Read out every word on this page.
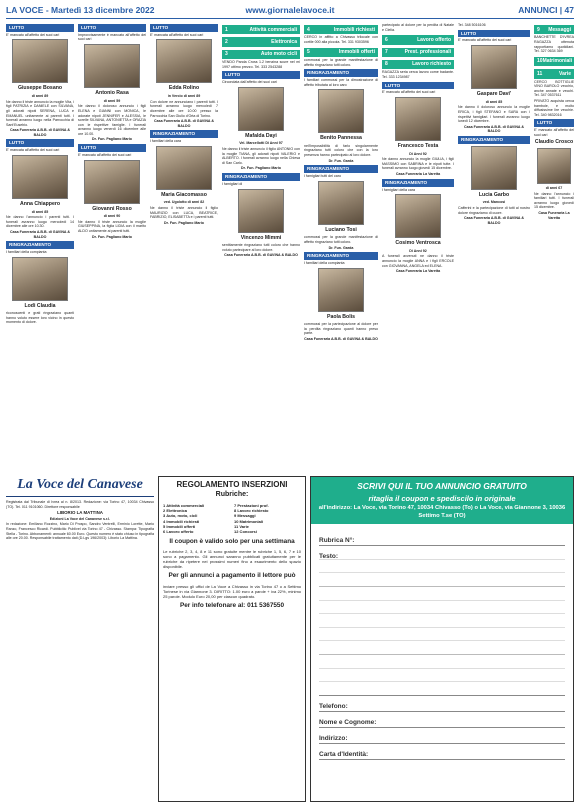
LA VOCE - Martedì 13 dicembre 2022	www.giornalelavoce.it	ANNUNCI | 47
LUTTO
E' mancato all'affetto dei suoi cari
Giuseppe Bosano
di anni 89
Ne danno il triste annuncio la moglie Vita, i figli PATRIZIA e DANIELE con SILVANA, gli adorati nipoti SERENA, LUCA e EMANUEL unitamente ai parenti tutti. I funerali avranno luogo nella Parrocchia di Sant'Eusebio.
Casa Funeraria A.B.B. di GAVINA & BALDO
LUTTO
E' mancata all'affetto dei suoi cari
Anna Chiappero
di anni 85
Ne danno l'annuncio i parenti tutti. I funerali avranno luogo mercoledì 14 dicembre alle ore 10.30.
Casa Funeraria A.B.B. di GAVINA & BALDO
RINGRAZIAMENTO
I familiari della compianta
Lodi Claudia
riconoscenti e grati ringraziano quanti hanno voluto essere loro vicino in questo momento di dolore.
LUTTO
Improvvisamente è mancato all'affetto dei suoi cari
Antonio Rasa
di anni 59
Ne danno il doloroso annuncio i figli ELENA e GIANNI con MONICA, le adorate nipoti JENNIFER e ALESSIA, le sorelle SILVANA, ANTONIETTA e ORAZIA con le rispettive famiglie. I funerali avranno luogo venerdì 16 dicembre alle ore 10.00.
Dr. Fun. Pagliano Mario
LUTTO
E' mancato all'affetto dei suoi cari
Giovanni Rosso
di anni 90
Ne danno il triste annuncio la moglie GIUSEPPINA, la figlia LIDIA con il marito ALDO unitamente ai parenti tutti.
Dr. Fun. Pagliano Mario
LUTTO
E' mancata all'affetto dei suoi cari
Edda Rolino
in Vercio di anni 89
Con dolore ne annunciano i parenti tutti. I funerali avranno luogo mercoledì 7 dicembre alle ore 10.00 presso la Parrocchia San Giulio d'Orta di Torino.
Casa Funeraria A.B.B. di GAVINA & BALDO
RINGRAZIAMENTO
I familiari della cara
Maria Giacomasso
ved. Ugolotto di anni 82
Ne danno il triste annuncio il figlio MAURIZIO con LUCA, BEATRICE, FABRIZIO, ELISABETTA e i parenti tutti.
Dr. Fun. Pagliano Mario
1	Attività commerciali
2	Elettronica
3	Auto moto cicli
VENDO Panda Cross 1.2 benzina scure nel mi 1997 ottimo prezzo. Tel. 333 2543288
LUTTO
Circondata dall'affetto dei suoi cari
Mafalda Dayi
Vel. Marcellotti Di Anni 97
Ne danno il triste annuncio il figlio ANTONIO con la moglie TIANA, gli adorati nipoti VALERIO e ALBERTO. I funerali avranno luogo nella Chiesa di San Carlo.
Dr. Fun. Pagliano Mario
RINGRAZIAMENTO
I famigliari di
Vincenzo Mimmi
sentitamente ringraziano tutti coloro che hanno voluto partecipare al loro dolore.
Casa Funeraria A.B.B. di GAVINA & BALDO
4	Immobili richiesti
CERCO in affitto a Chivasso trilocale con cortile 000 alla piccola. Tel. 331 9303596
5	Immobili offerti
commossi per la grande manifestazione di affetto ringraziano tutti coloro.
RINGRAZIAMENTO
I familiari commossi per la dimostrazione di affetto tributata al loro caro
Benito Pannessa
nell'impossibilità di farlo singolarmente ringraziano tutti coloro che con la loro presenza hanno partecipato al loro dolore.
Dr. Fun. Garda
RINGRAZIAMENTO
I famigliari tutti del caro
Luciano Tosi
commossi per la grande manifestazione di affetto ringraziano tutti coloro.
Dr. Fun. Garda
RINGRAZIAMENTO
I familiari della compianta
Paola Bolis
commossi per la partecipazione al dolore per la perdita ringraziano quanti hanno preso parte.
Casa Funeraria A.B.B. di GAVINA & BALDO
partecipato al dolore per la perdita di Natale e Clelia.
6	Lavoro offerto
7	Prest. professionali
8	Lavoro richiesto
RAGAZZA seria cerca lavoro come badante. Tel. 333 1234987
LUTTO
E' mancato all'affetto dei suoi cari
Francesco Testa
Di Anni 92
Ne danno annuncio la moglie GIULIA, i figli MASSIMO con SABRINA e le nipoti tutte. I funerali avranno luogo giovedì 15 dicembre.
Casa Funeraria La Varetta
RINGRAZIAMENTO
I famigliari della cara
Cosimo Ventrosca
Di Anni 92
A funerali avvenuti ne danno il triste annuncio la moglie ANNA e i figli ERCOLE con GIOVANNA, ANGELA ed ELENA.
Casa Funeraria La Varetta
Tel. 348 5016106
LUTTO
E' mancato all'affetto dei suoi cari
Gaspare Davi'
di anni 85
Ne danno il doloroso annuncio la moglie ERICA, i figli STEFANO e SARA con i rispettivi famigliari. I funerali avranno luogo lunedì 12 dicembre.
Casa Funeraria A.B.B. di GAVINA & BALDO
RINGRAZIAMENTO
Lucia Garbo
ved. Mancosi
Cafferini e la partecipazione di tutti al nostro dolore ringraziamo di cuore.
Casa Funeraria A.B.B. di GAVINA & BALDO
9 Messaggi
BANCHETTE D'IVREA RAGAZZA ottenuta rapportiamo quotidiani. Tel. 327 0634 369
10 Matrimoniali
11	Varie
CERCO BOTTIGLIE VINO BAROLO vecchio, anche annate e vecchi. Tel. 347 0537611
PRIVATO acquista cerca bambole, e molto diffusissime lire vecchie. Tel. 340 9832016
LUTTO
E' mancato all'affetto dei suoi cari
Claudio Crosco
di anni 67
Ne danno l'annuncio i familiari tutti. I funerali avranno luogo giovedì 15 dicembre.
Casa Funeraria La Varetta
La Voce del Canavese
Registrata dal Tribunale di Ivrea al n. 8/2013. Redazione: via Torino 47, 10034 Chivasso (TO). Tel. 011 9101060. Direttore responsabile
LIBORIO LA MATTINA
Edizioni La Voce del Canavese s.r.l.
In redazione: Emiliano Rozzino, Mario Di Prospo, Sandro Ventrelli, Erminio Lorette, Mario Ranzo, Francesco Ricardi. Pubblicità: Publivel via Torino 47 - Chivasso. Stampa: Tipografia Stella - Torino. Abbonamenti: annuale 60.00 Euro. Questo numero è stato chiuso in tipografia alle ore 20.00. Responsabile trattamento dati (D.Lgs 196/2003): Liborio La Mattina.
REGOLAMENTO INSERZIONI
Rubriche:
1 Attività commerciali
2 Elettronica
3 Auto, moto, cicli
4 Immobili richiesti
5 Immobili offerti
6 Lavoro offerto
7 Prestazioni prof.
8 Lavoro richiesto
9 Messaggi
10 Matrimoniali
11 Varie
12 Concorsi
Il coupon è valido solo per una settimana
Le rubriche 2, 3, 4, 8 e 11 sono gratuite mentre le rubriche 1, 5, 6, 7 e 10 sono a pagamento. Gli annunci saranno pubblicati gratuitamente per le rubriche da ripetere nei prossimi numeri fino a esaurimento dello spazio disponibile.
Per gli annunci a pagamento il lettore può
inviare presso gli uffici de La Voce a Chivasso in via Torino 47 o a Settimo Torinese in via Giannone 3. DIRITTO: 1.00 euro a parole + iva 22%, minimo 25 parole. Modulo Euro 20,00 per ciascun quadrato.
Per info telefonare al: 011 5367550
SCRIVI QUI IL TUO ANNUNCIO GRATUITO
ritaglia il coupon e spediscilo in originale
all'indirizzo: La Voce, via Torino 47, 10034 Chivasso (To) o La Voce, via Giannone 3, 10036 Settimo T.se (TO)
Rubrica N°:
Testo:
Telefono:
Nome e Cognome:
Indirizzo:
Carta d'Identità:
